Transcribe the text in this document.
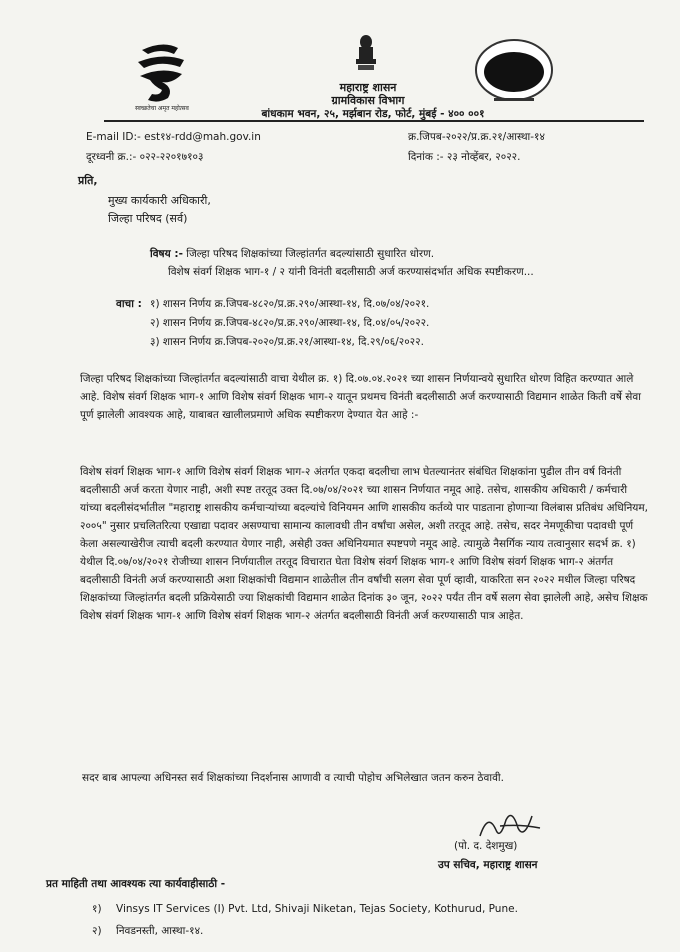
स्वच्छतेचा अमृत महोत्सव
75
महाराष्ट्र शासन
ग्रामविकास विभाग
बांधकाम भवन, २५, मर्झबान रोड, फोर्ट, मुंबई - ४०० ००१
E-mail ID:- est१४-rdd@mah.gov.in
दूरध्वनी क्र.:- ०२२-२२०१७१०३
क्र.जिपब-२०२२/प्र.क्र.२१/आस्था-१४
दिनांक :- २३ नोव्हेंबर, २०२२.
प्रति,
मुख्य कार्यकारी अधिकारी,
जिल्हा परिषद (सर्व)
विषय :- जिल्हा परिषद शिक्षकांच्या जिल्हांतर्गत बदल्यांसाठी सुधारित धोरण.
विशेष संवर्ग शिक्षक भाग-१ / २ यांनी विनंती बदलीसाठी अर्ज करण्यासंदर्भात अधिक स्पष्टीकरण...
वाचा : १) शासन निर्णय क्र.जिपब-४८२०/प्र.क्र.२९०/आस्था-१४, दि.०७/०४/२०२१.
२) शासन निर्णय क्र.जिपब-४८२०/प्र.क्र.२९०/आस्था-१४, दि.०४/०५/२०२२.
३) शासन निर्णय क्र.जिपब-२०२०/प्र.क्र.२१/आस्था-१४, दि.२९/०६/२०२२.
जिल्हा परिषद शिक्षकांच्या जिल्हांतर्गत बदल्यांसाठी वाचा येथील क्र. १) दि.०७.०४.२०२१ च्या शासन निर्णयान्वये सुधारित धोरण विहित करण्यात आले आहे. विशेष संवर्ग शिक्षक भाग-१ आणि विशेष संवर्ग शिक्षक भाग-२ यातून प्रथमच विनंती बदलीसाठी अर्ज करण्यासाठी विद्यमान शाळेत किती वर्षे सेवा पूर्ण झालेली आवश्यक आहे, याबाबत खालीलप्रमाणे अधिक स्पष्टीकरण देण्यात येत आहे :-
विशेष संवर्ग शिक्षक भाग-१ आणि विशेष संवर्ग शिक्षक भाग-२ अंतर्गत एकदा बदलीचा लाभ घेतल्यानंतर संबंधित शिक्षकांना पुढील तीन वर्ष विनंती बदलीसाठी अर्ज करता येणार नाही, अशी स्पष्ट तरतूद उक्त दि.०७/०४/२०२१ च्या शासन निर्णयात नमूद आहे. तसेच, शासकीय अधिकारी / कर्मचारी यांच्या बदलीसंदर्भातील "महाराष्ट्र शासकीय कर्मचाऱ्यांच्या बदल्यांचे विनियमन आणि शासकीय कर्तव्ये पार पाडताना होणाऱ्या विलंबास प्रतिबंध अधिनियम, २००५" नुसार प्रचलितरित्या एखाद्या पदावर असण्याचा सामान्य कालावधी तीन वर्षांचा असेल, अशी तरतूद आहे. तसेच, सदर नेमणूकीचा पदावधी पूर्ण केला असल्याखेरीज त्याची बदली करण्यात येणार नाही, असेही उक्त अधिनियमात स्पष्टपणे नमूद आहे. त्यामुळे नैसर्गिक न्याय तत्वानुसार सदर्भ क्र. १) येथील दि.०७/०४/२०२१ रोजीच्या शासन निर्णयातील तरतूद विचारात घेता विशेष संवर्ग शिक्षक भाग-१ आणि विशेष संवर्ग शिक्षक भाग-२ अंतर्गत बदलीसाठी विनंती अर्ज करण्यासाठी अशा शिक्षकांची विद्यमान शाळेतील तीन वर्षांची सलग सेवा पूर्ण व्हावी, याकरिता सन २०२२ मधील जिल्हा परिषद शिक्षकांच्या जिल्हांतर्गत बदली प्रक्रियेसाठी ज्या शिक्षकांची विद्यमान शाळेत दिनांक ३० जून, २०२२ पर्यंत तीन वर्षे सलग सेवा झालेली आहे, असेच शिक्षक विशेष संवर्ग शिक्षक भाग-१ आणि विशेष संवर्ग शिक्षक भाग-२ अंतर्गत बदलीसाठी विनंती अर्ज करण्यासाठी पात्र आहेत.
सदर बाब आपल्या अधिनस्त सर्व शिक्षकांच्या निदर्शनास आणावी व त्याची पोहोच अभिलेखात जतन करुन ठेवावी.
(पो. द. देशमुख)
उप सचिव, महाराष्ट्र शासन
प्रत माहिती तथा आवश्यक त्या कार्यवाहीसाठी -
१) Vinsys IT Services (I) Pvt. Ltd, Shivaji Niketan, Tejas Society, Kothurud, Pune.
२) निवडनस्ती, आस्था-१४.
